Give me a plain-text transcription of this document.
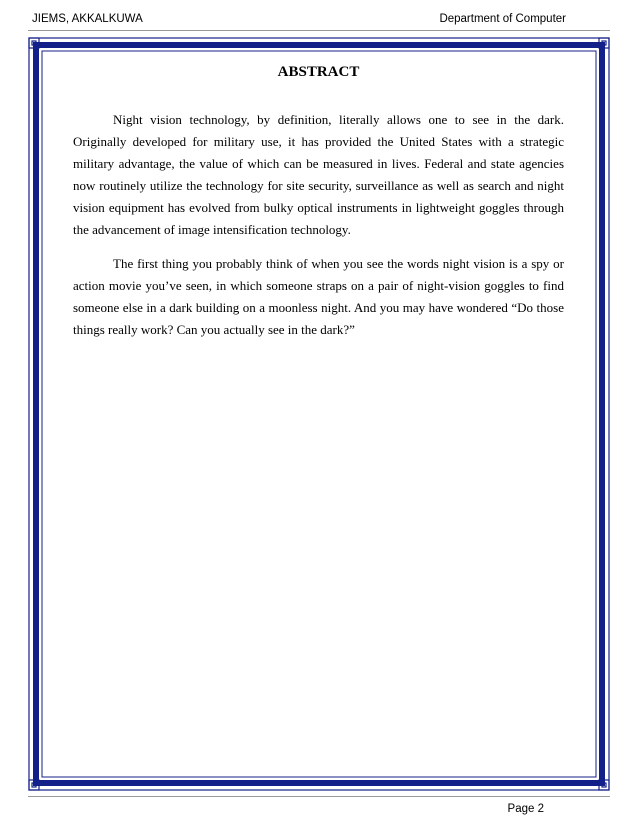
JIEMS, AKKALKUWA	Department of Computer
ABSTRACT

Night vision technology, by definition, literally allows one to see in the dark. Originally developed for military use, it has provided the United States with a strategic military advantage, the value of which can be measured in lives. Federal and state agencies now routinely utilize the technology for site security, surveillance as well as search and night vision equipment has evolved from bulky optical instruments in lightweight goggles through the advancement of image intensification technology.

The first thing you probably think of when you see the words night vision is a spy or action movie you’ve seen, in which someone straps on a pair of night-vision goggles to find someone else in a dark building on a moonless night. And you may have wondered “Do those things really work? Can you actually see in the dark?”

Page 2
